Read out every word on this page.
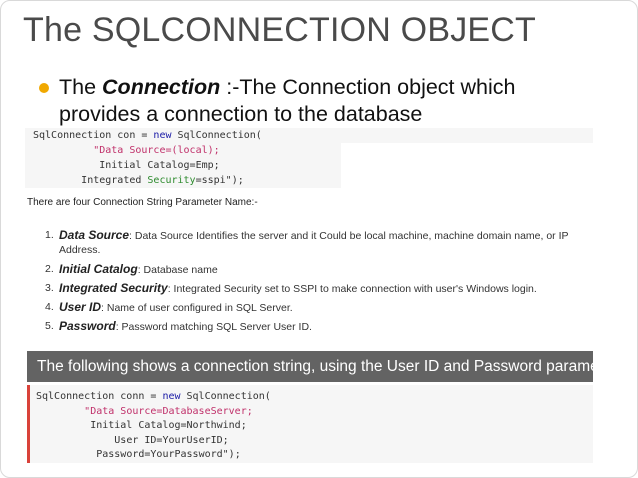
The SQLCONNECTION OBJECT
The Connection :-The Connection object which provides a connection to the database
SqlConnection con = new SqlConnection(
"Data Source=(local);
Initial Catalog=Emp;
Integrated Security=sspi");
There are four Connection String Parameter Name:-
1. Data Source: Data Source Identifies the server and it Could be local machine, machine domain name, or IP Address.
2. Initial Catalog: Database name
3. Integrated Security: Integrated Security set to SSPI to make connection with user's Windows login.
4. User ID: Name of user configured in SQL Server.
5. Password: Password matching SQL Server User ID.
The following shows a connection string, using the User ID and Password parameters:
SqlConnection conn = new SqlConnection(
"Data Source=DatabaseServer;
Initial Catalog=Northwind;
User ID=YourUserID;
Password=YourPassword");
